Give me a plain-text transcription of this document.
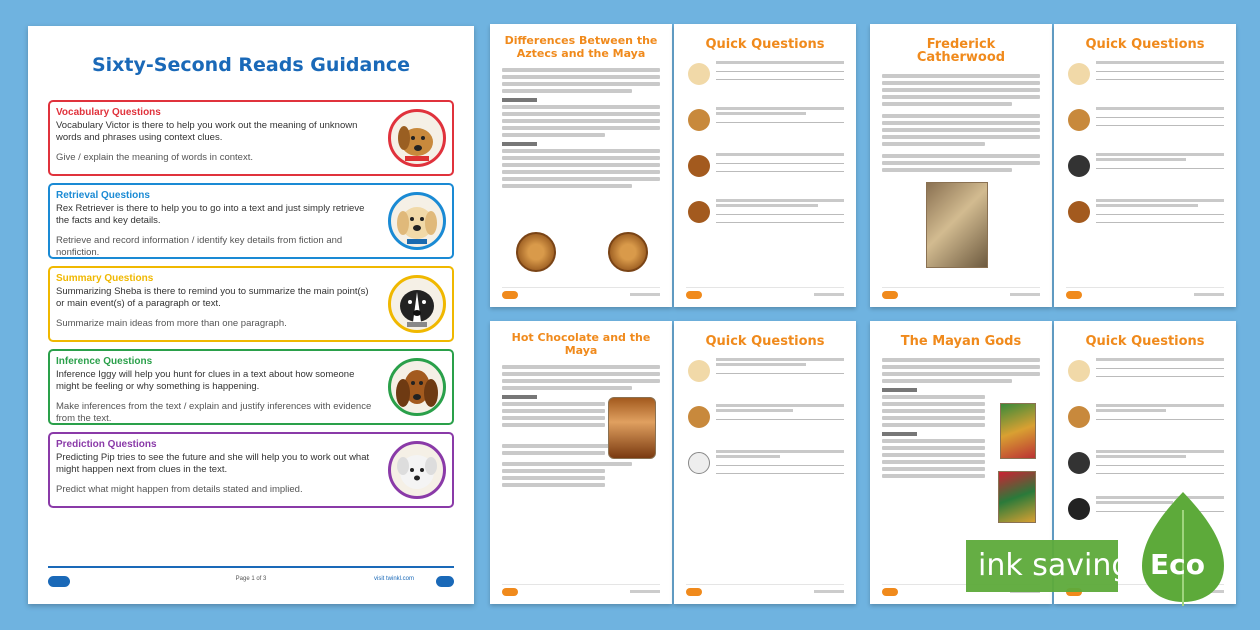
Sixty-Second Reads Guidance
Vocabulary Questions
Vocabulary Victor is there to help you work out the meaning of unknown words and phrases using context clues.
Give / explain the meaning of words in context.
Retrieval Questions
Rex Retriever is there to help you to go into a text and just simply retrieve the facts and key details.
Retrieve and record information / identify key details from fiction and nonfiction.
Summary Questions
Summarizing Sheba is there to remind you to summarize the main point(s) or main event(s) of a paragraph or text.
Summarize main ideas from more than one paragraph.
Inference Questions
Inference Iggy will help you hunt for clues in a text about how someone might be feeling or why something is happening.
Make inferences from the text / explain and justify inferences with evidence from the text.
Prediction Questions
Predicting Pip tries to see the future and she will help you to work out what might happen next from clues in the text.
Predict what might happen from details stated and implied.
Page 1 of 3	visit twinkl.com
Differences Between the Aztecs and the Maya
Quick Questions	Frederick Catherwood
Quick Questions
Hot Chocolate and the Maya
Quick Questions	The Mayan Gods	Quick Questions
ink saving Eco
